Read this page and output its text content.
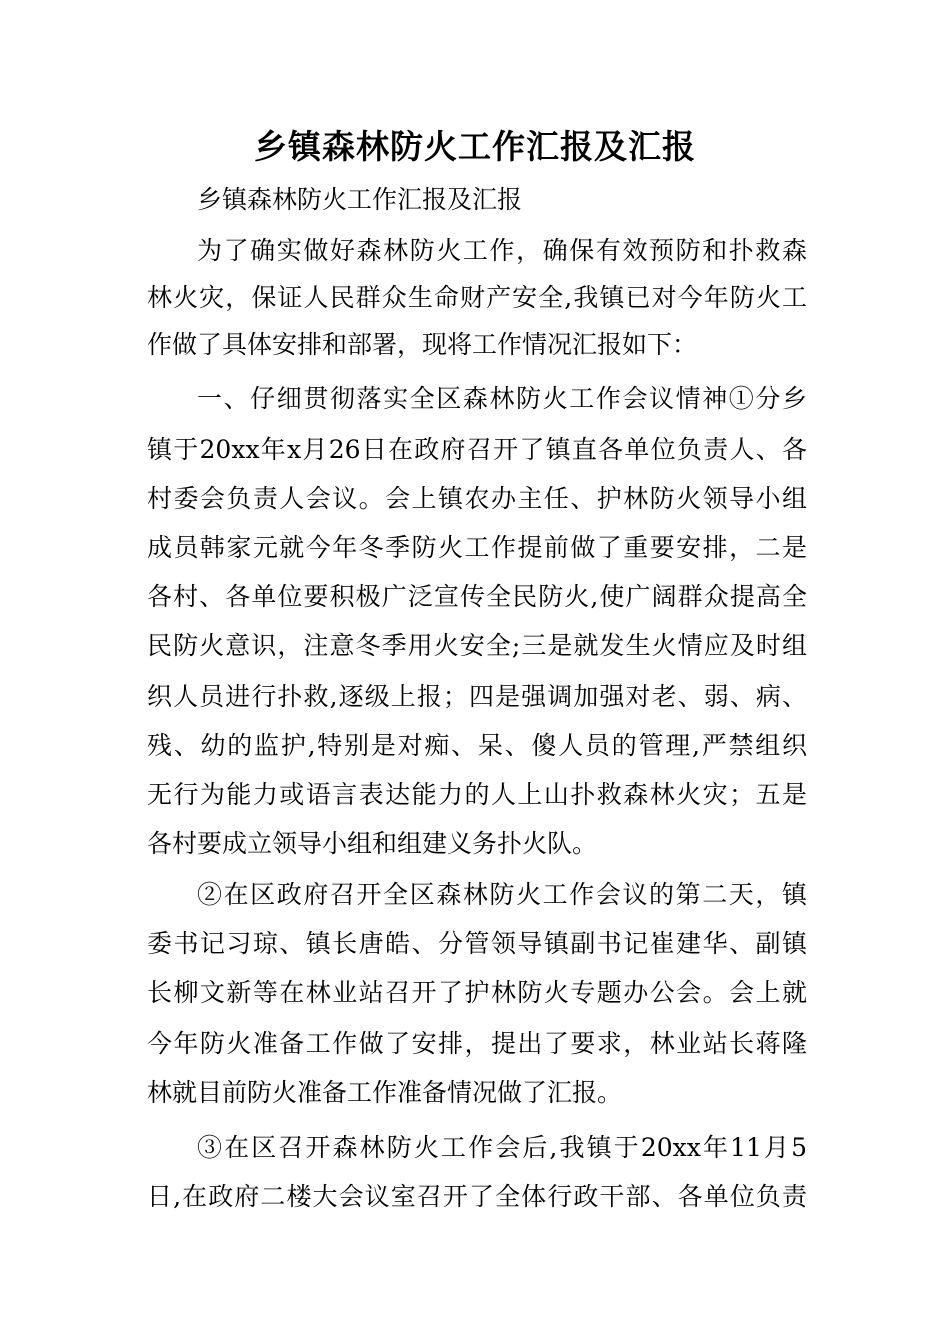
乡镇森林防火工作汇报及汇报
乡镇森林防火工作汇报及汇报
为了确实做好森林防火工作，确保有效预防和扑救森
林火灾，保证人民群众生命财产安全,我镇已对今年防火工
作做了具体安排和部署，现将工作情况汇报如下：
一、仔细贯彻落实全区森林防火工作会议情神①分乡
镇于20xx年x月26日在政府召开了镇直各单位负责人、各
村委会负责人会议。会上镇农办主任、护林防火领导小组
成员韩家元就今年冬季防火工作提前做了重要安排，二是
各村、各单位要积极广泛宣传全民防火,使广阔群众提高全
民防火意识，注意冬季用火安全;三是就发生火情应及时组
织人员进行扑救,逐级上报；四是强调加强对老、弱、病、
残、幼的监护,特别是对痴、呆、傻人员的管理,严禁组织
无行为能力或语言表达能力的人上山扑救森林火灾；五是
各村要成立领导小组和组建义务扑火队。
②在区政府召开全区森林防火工作会议的第二天，镇
委书记习琼、镇长唐皓、分管领导镇副书记崔建华、副镇
长柳文新等在林业站召开了护林防火专题办公会。会上就
今年防火准备工作做了安排，提出了要求，林业站长蒋隆
林就目前防火准备工作准备情况做了汇报。
③在区召开森林防火工作会后,我镇于20xx年11月5
日,在政府二楼大会议室召开了全体行政干部、各单位负责
